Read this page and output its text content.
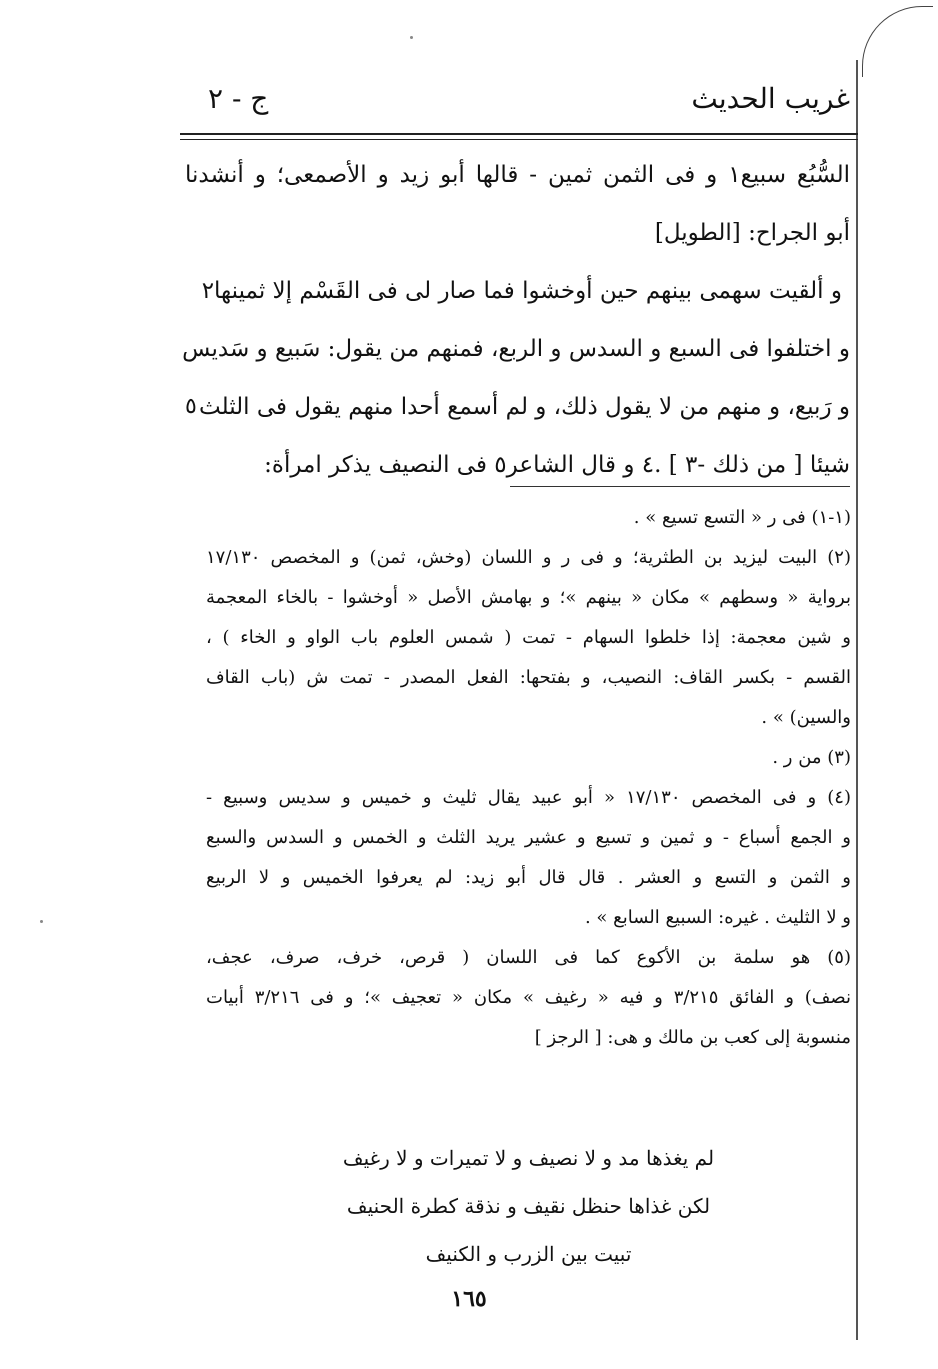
غريب الحديث
ج - ٢
السُّبُع سبيع١ و فى الثمن ثمين - قالها أبو زيد و الأصمعى؛ و أنشدنا
أبو الجراح: [الطويل]
و ألقيت سهمى بينهم حين أوخشوا فما صار لى فى القَسْم إلا ثمينها٢
و اختلفوا فى السبع و السدس و الربع، فمنهم من يقول: سَبيع و سَديس
و رَبيع، و منهم من لا يقول ذلك، و لم أسمع أحدا منهم يقول فى الثلث
٥
شيئا [ من ذلك -٣ ] .٤ و قال الشاعر٥ فى النصيف يذكر امرأة:
(١-١) فى ر « التسع تسيع » .
(٢) البيت ليزيد بن الطثرية؛ و فى ر و اللسان (وخش، ثمن) و المخصص ١٧/١٣٠
برواية « وسطهم » مكان « بينهم »؛ و بهامش الأصل « أوخشوا - بالخاء المعجمة
و شين معجمة: إذا خلطوا السهام - تمت ( شمس العلوم باب الواو و الخاء ) ،
القسم - بكسر القاف: النصيب، و بفتحها: الفعل المصدر - تمت ش (باب القاف
والسين) » .
(٣) من ر .
(٤) و فى المخصص ١٧/١٣٠ « أبو عبيد يقال ثليث و خميس و سديس وسبيع -
و الجمع أسباع - و ثمين و تسيع و عشير يريد الثلث و الخمس و السدس والسبع
و الثمن و التسع و العشر . قال قال أبو زيد: لم يعرفوا الخميس و لا الربيع
و لا الثليث . غيره: السبيع السابع » .
(٥) هو سلمة بن الأكوع كما فى اللسان ( قرص، خرف، صرف، عجف،
نصف) و الفائق ٣/٢١٥ و فيه « رغيف » مكان « تعجيف »؛ و فى ٣/٢١٦ أبيات
منسوبة إلى كعب بن مالك و هى: [ الرجز ]
لم يغذها مد و لا نصيف و لا تميرات و لا رغيف
لكن غذاها حنظل نقيف و نذقة كطرة الحنيف
تبيت بين الزرب و الكنيف
١٦٥
